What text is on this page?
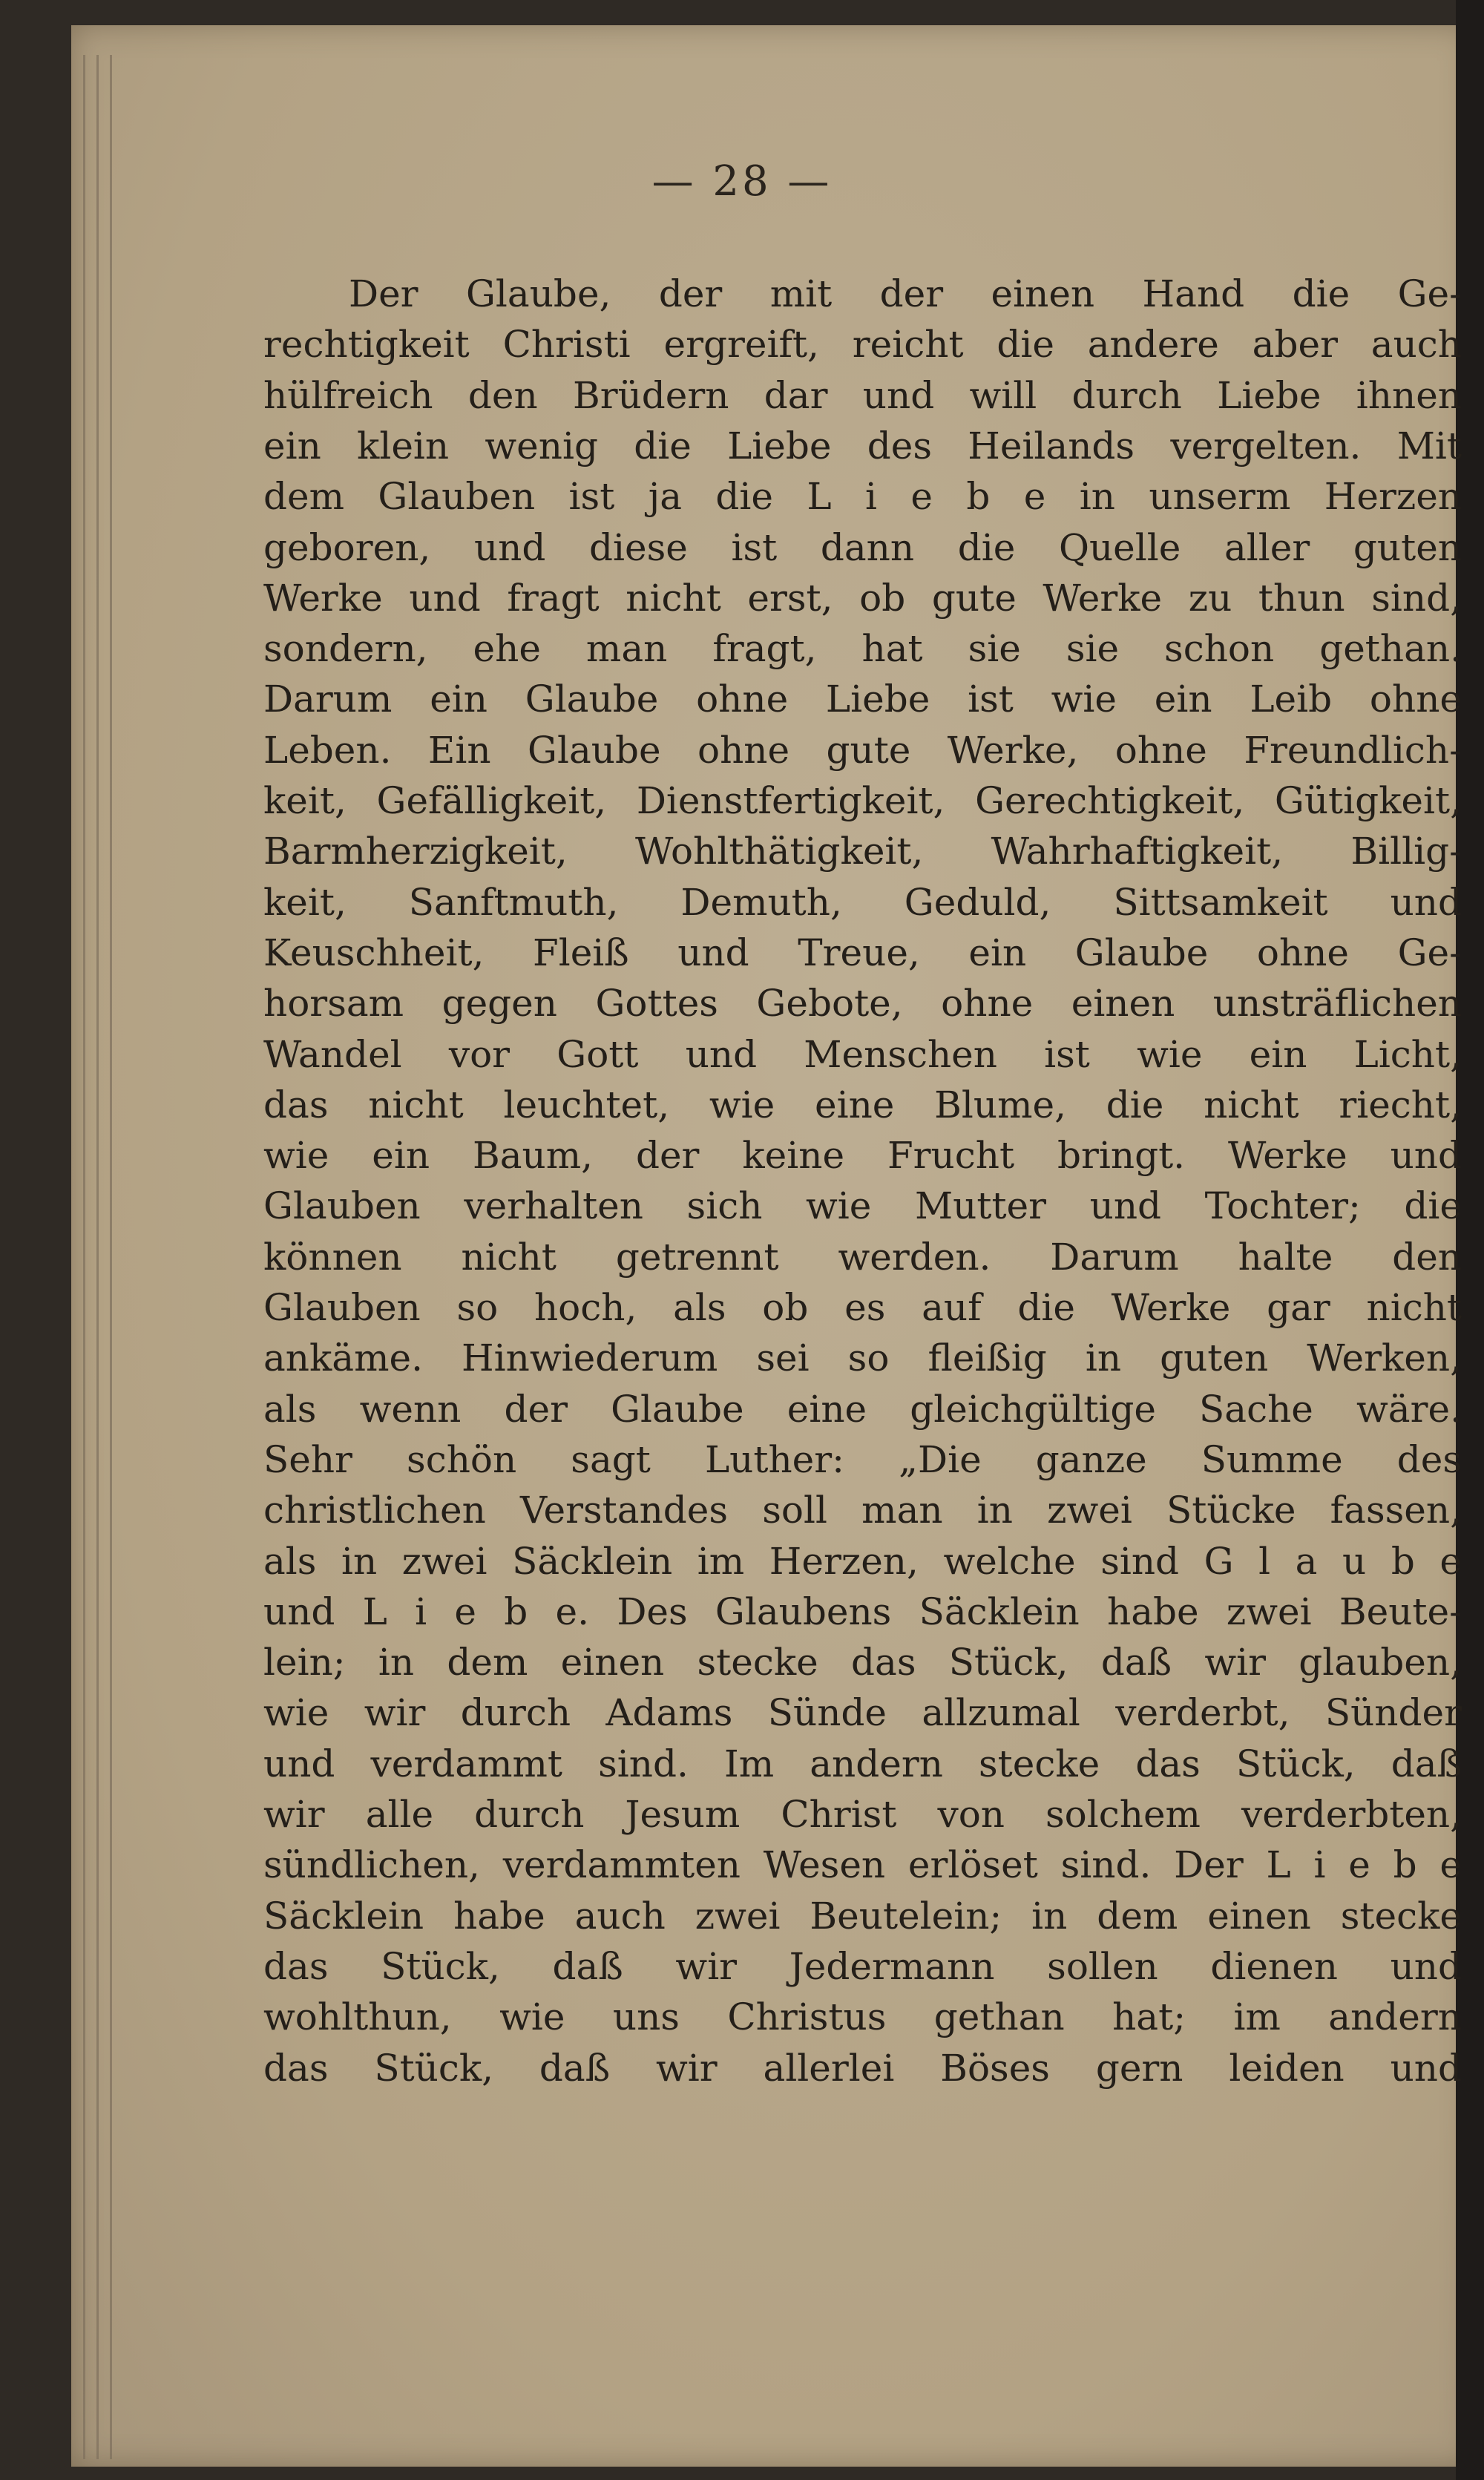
— 28 —
Der Glaube, der mit der einen Hand die Ge-
rechtigkeit Christi ergreift, reicht die andere aber auch
hülfreich den Brüdern dar und will durch Liebe ihnen
ein klein wenig die Liebe des Heilands vergelten. Mit
dem Glauben ist ja die L i e b e in unserm Herzen
geboren, und diese ist dann die Quelle aller guten
Werke und fragt nicht erst, ob gute Werke zu thun sind,
sondern, ehe man fragt, hat sie sie schon gethan.
Darum ein Glaube ohne Liebe ist wie ein Leib ohne
Leben. Ein Glaube ohne gute Werke, ohne Freundlich-
keit, Gefälligkeit, Dienstfertigkeit, Gerechtigkeit, Gütigkeit,
Barmherzigkeit, Wohlthätigkeit, Wahrhaftigkeit, Billig-
keit, Sanftmuth, Demuth, Geduld, Sittsamkeit und
Keuschheit, Fleiß und Treue, ein Glaube ohne Ge-
horsam gegen Gottes Gebote, ohne einen unsträflichen
Wandel vor Gott und Menschen ist wie ein Licht,
das nicht leuchtet, wie eine Blume, die nicht riecht,
wie ein Baum, der keine Frucht bringt. Werke und
Glauben verhalten sich wie Mutter und Tochter; die
können nicht getrennt werden. Darum halte den
Glauben so hoch, als ob es auf die Werke gar nicht
ankäme. Hinwiederum sei so fleißig in guten Werken,
als wenn der Glaube eine gleichgültige Sache wäre.
Sehr schön sagt Luther: „Die ganze Summe des
christlichen Verstandes soll man in zwei Stücke fassen,
als in zwei Säcklein im Herzen, welche sind G l a u b e
und L i e b e. Des Glaubens Säcklein habe zwei Beute-
lein; in dem einen stecke das Stück, daß wir glauben,
wie wir durch Adams Sünde allzumal verderbt, Sünder
und verdammt sind. Im andern stecke das Stück, daß
wir alle durch Jesum Christ von solchem verderbten,
sündlichen, verdammten Wesen erlöset sind. Der L i e b e
Säcklein habe auch zwei Beutelein; in dem einen stecke
das Stück, daß wir Jedermann sollen dienen und
wohlthun, wie uns Christus gethan hat; im andern
das Stück, daß wir allerlei Böses gern leiden und
